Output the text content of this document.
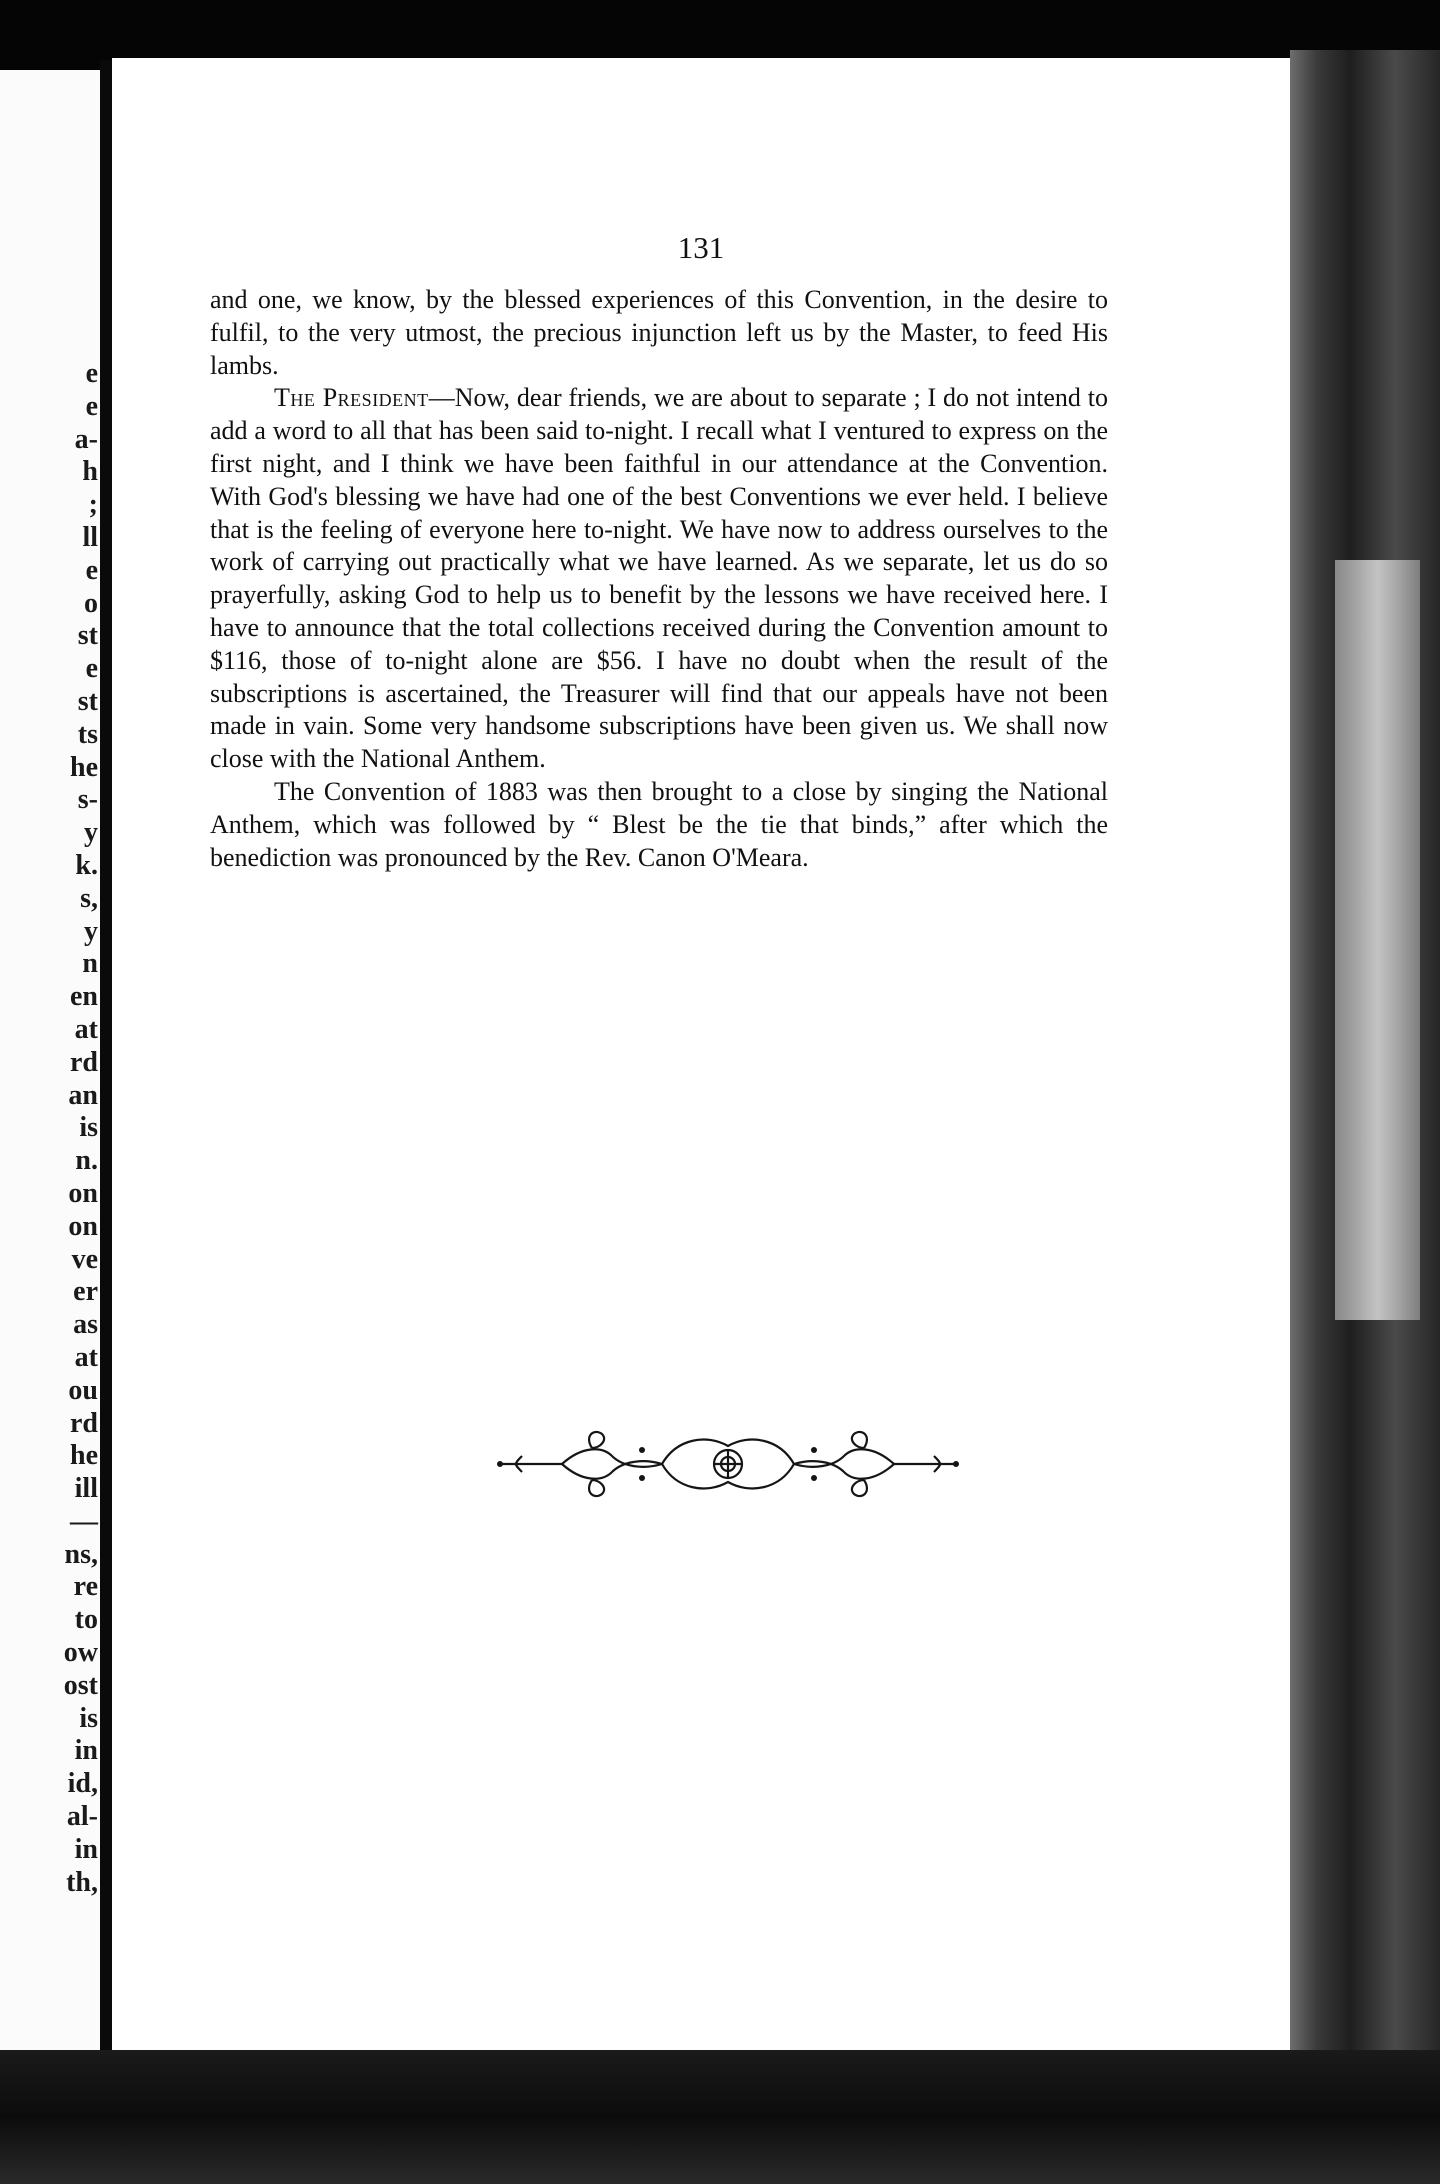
e
e
a-
h
;
ll
e
o
st
e
st
ts
he
s-
y
k.
s,
y
n
en
at
rd
an
is
n.
on
on
ve
er
as
at
ou
rd
he
ill
—
ns,
re
to
ow
ost
is
in
id,
al-
in
th,
131

and one, we know, by the blessed experiences of this Convention, in the desire to fulfil, to the very utmost, the precious injunction left us by the Master, to feed His lambs.

The President—Now, dear friends, we are about to separate ; I do not intend to add a word to all that has been said to-night. I recall what I ventured to express on the first night, and I think we have been faithful in our attendance at the Convention. With God's blessing we have had one of the best Conventions we ever held. I believe that is the feeling of everyone here to-night. We have now to address ourselves to the work of carrying out practically what we have learned. As we separate, let us do so prayerfully, asking God to help us to benefit by the lessons we have received here. I have to announce that the total collections received during the Convention amount to $116, those of to-night alone are $56. I have no doubt when the result of the subscriptions is ascertained, the Treasurer will find that our appeals have not been made in vain. Some very handsome subscriptions have been given us. We shall now close with the National Anthem.

The Convention of 1883 was then brought to a close by singing the National Anthem, which was followed by “ Blest be the tie that binds,” after which the benediction was pronounced by the Rev. Canon O'Meara.
